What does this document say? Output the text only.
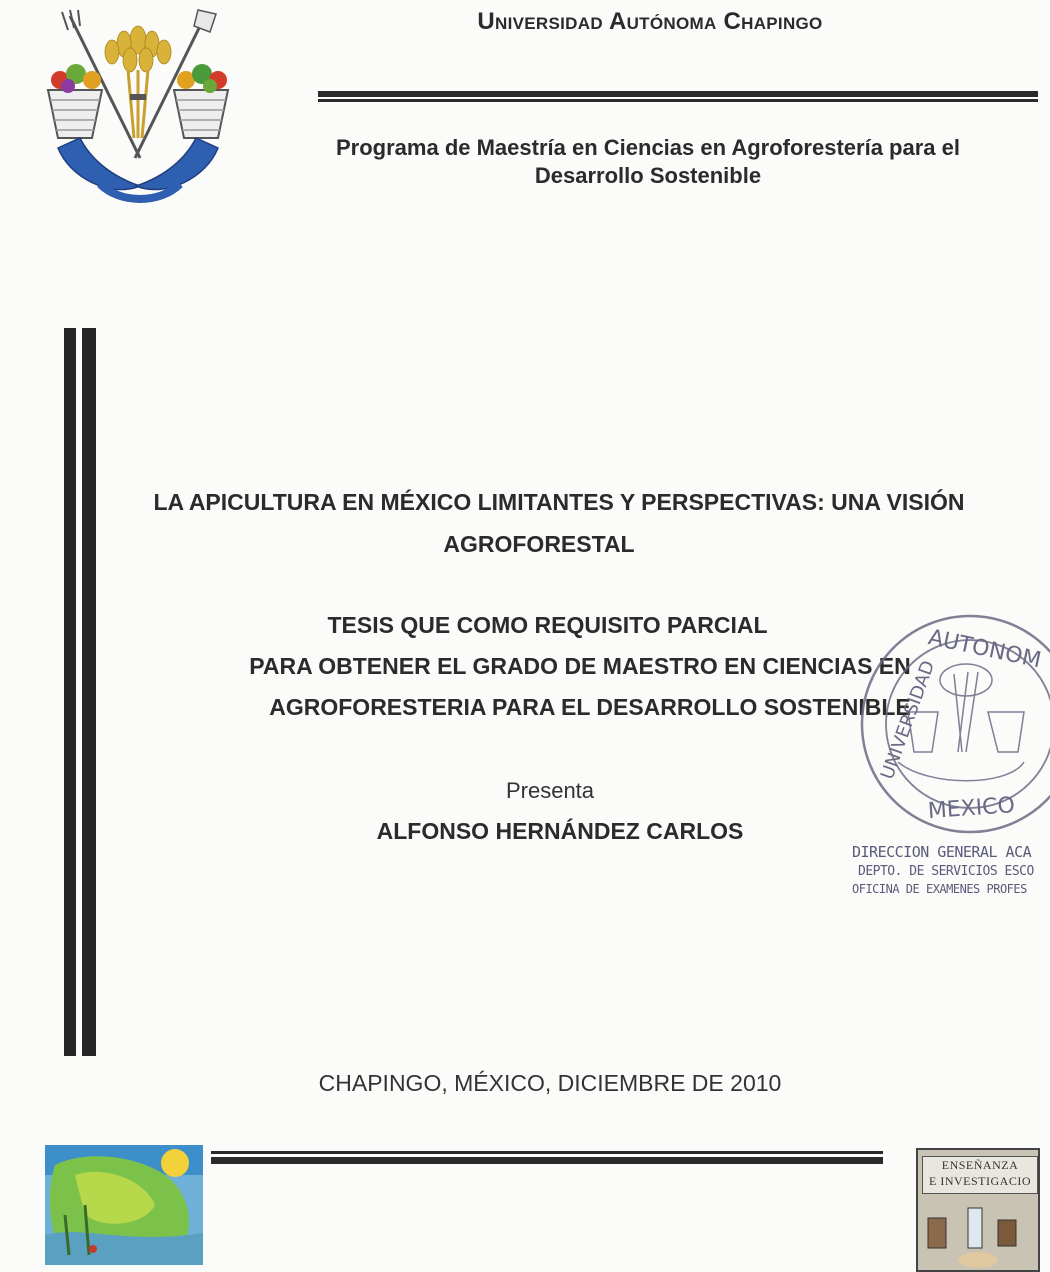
Universidad Autónoma Chapingo
Programa de Maestría en Ciencias en Agroforestería para el Desarrollo Sostenible
LA APICULTURA EN MÉXICO LIMITANTES Y PERSPECTIVAS: UNA VISIÓN
AGROFORESTAL
TESIS QUE COMO REQUISITO PARCIAL
PARA OBTENER EL GRADO DE MAESTRO EN CIENCIAS EN
AGROFORESTERIA PARA EL DESARROLLO SOSTENIBLE
AUTONOM
UNIVERSIDAD
MEXICO
Presenta
ALFONSO HERNÁNDEZ CARLOS
DIRECCION GENERAL ACA
DEPTO. DE SERVICIOS ESCO
OFICINA DE EXAMENES PROFES
CHAPINGO, MÉXICO, DICIEMBRE DE 2010
ENSEÑANZA
E INVESTIGACIO
